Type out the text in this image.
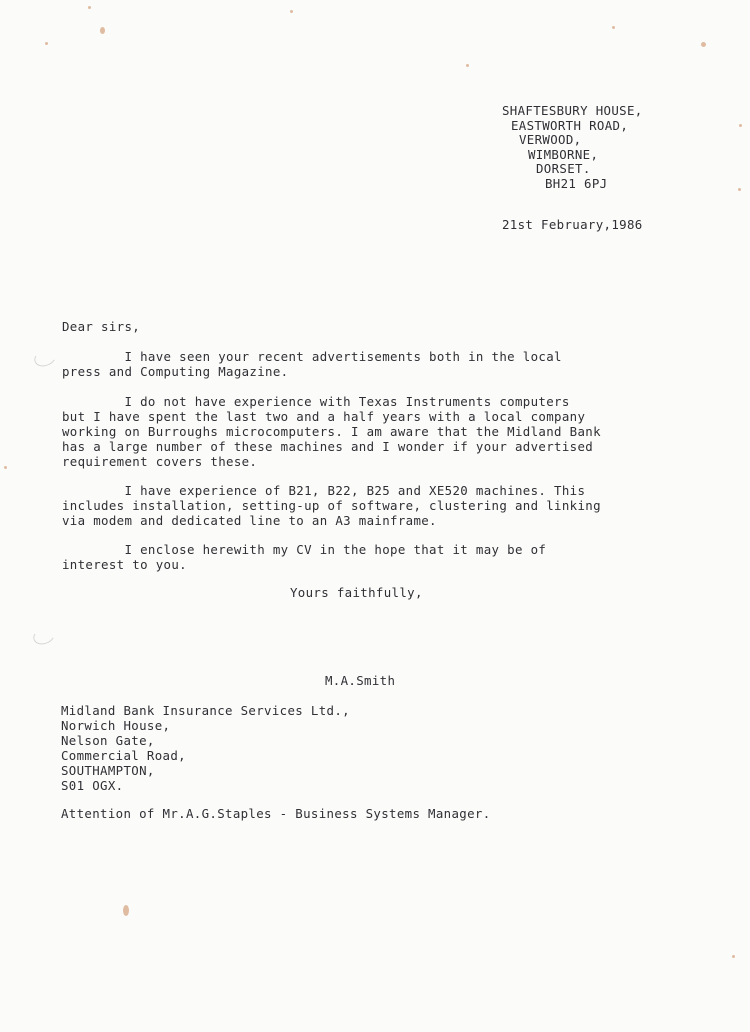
SHAFTESBURY HOUSE,
EASTWORTH ROAD,
VERWOOD,
WIMBORNE,
DORSET.
BH21 6PJ
21st February,1986
Dear sirs,
I have seen your recent advertisements both in the local
press and Computing Magazine.
I do not have experience with Texas Instruments computers
but I have spent the last two and a half years with a local company
working on Burroughs microcomputers. I am aware that the Midland Bank
has a large number of these machines and I wonder if your advertised
requirement covers these.
I have experience of B21, B22, B25 and XE520 machines. This
includes installation, setting-up of software, clustering and linking
via modem and dedicated line to an A3 mainframe.
I enclose herewith my CV in the hope that it may be of
interest to you.
Yours faithfully,
M.A.Smith
Midland Bank Insurance Services Ltd.,
Norwich House,
Nelson Gate,
Commercial Road,
SOUTHAMPTON,
S01 OGX.
Attention of Mr.A.G.Staples - Business Systems Manager.
